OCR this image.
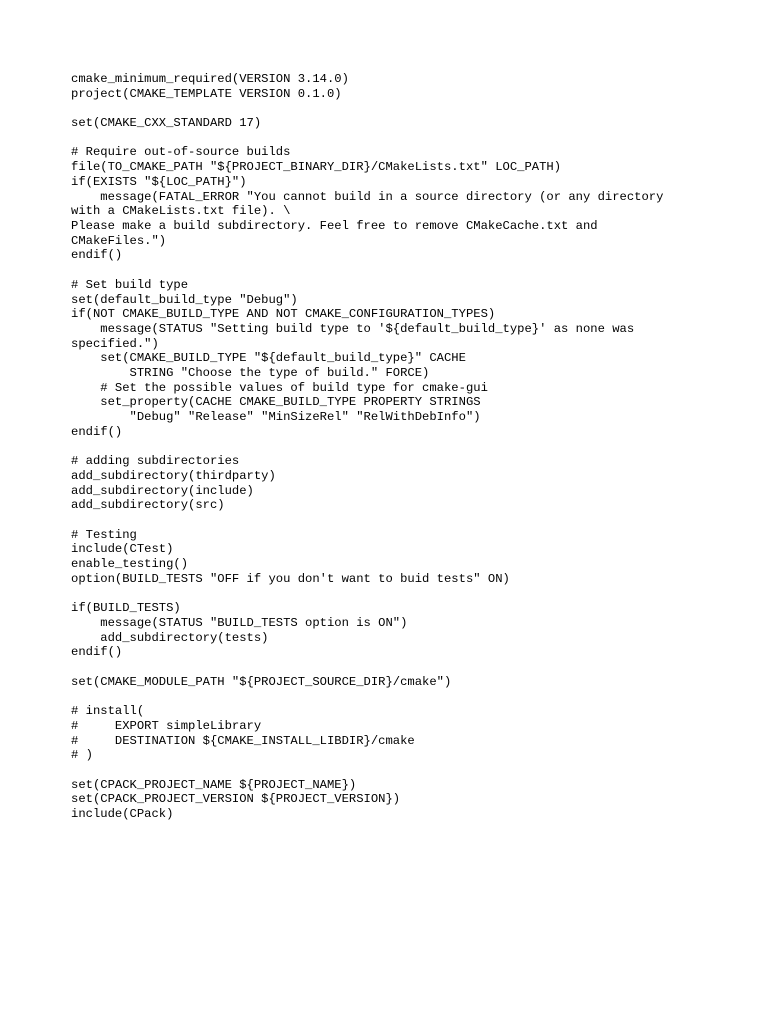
cmake_minimum_required(VERSION 3.14.0)
project(CMAKE_TEMPLATE VERSION 0.1.0)
set(CMAKE_CXX_STANDARD 17)
# Require out-of-source builds
file(TO_CMAKE_PATH "${PROJECT_BINARY_DIR}/CMakeLists.txt" LOC_PATH)
if(EXISTS "${LOC_PATH}")
message(FATAL_ERROR "You cannot build in a source directory (or any directory
with a CMakeLists.txt file). \
Please make a build subdirectory. Feel free to remove CMakeCache.txt and
CMakeFiles.")
endif()
# Set build type
set(default_build_type "Debug")
if(NOT CMAKE_BUILD_TYPE AND NOT CMAKE_CONFIGURATION_TYPES)
message(STATUS "Setting build type to '${default_build_type}' as none was
specified.")
set(CMAKE_BUILD_TYPE "${default_build_type}" CACHE
STRING "Choose the type of build." FORCE)
# Set the possible values of build type for cmake-gui
set_property(CACHE CMAKE_BUILD_TYPE PROPERTY STRINGS
"Debug" "Release" "MinSizeRel" "RelWithDebInfo")
endif()
# adding subdirectories
add_subdirectory(thirdparty)
add_subdirectory(include)
add_subdirectory(src)
# Testing
include(CTest)
enable_testing()
option(BUILD_TESTS "OFF if you don't want to buid tests" ON)
if(BUILD_TESTS)
message(STATUS "BUILD_TESTS option is ON")
add_subdirectory(tests)
endif()
set(CMAKE_MODULE_PATH "${PROJECT_SOURCE_DIR}/cmake")
# install(
#     EXPORT simpleLibrary
#     DESTINATION ${CMAKE_INSTALL_LIBDIR}/cmake
# )
set(CPACK_PROJECT_NAME ${PROJECT_NAME})
set(CPACK_PROJECT_VERSION ${PROJECT_VERSION})
include(CPack)
